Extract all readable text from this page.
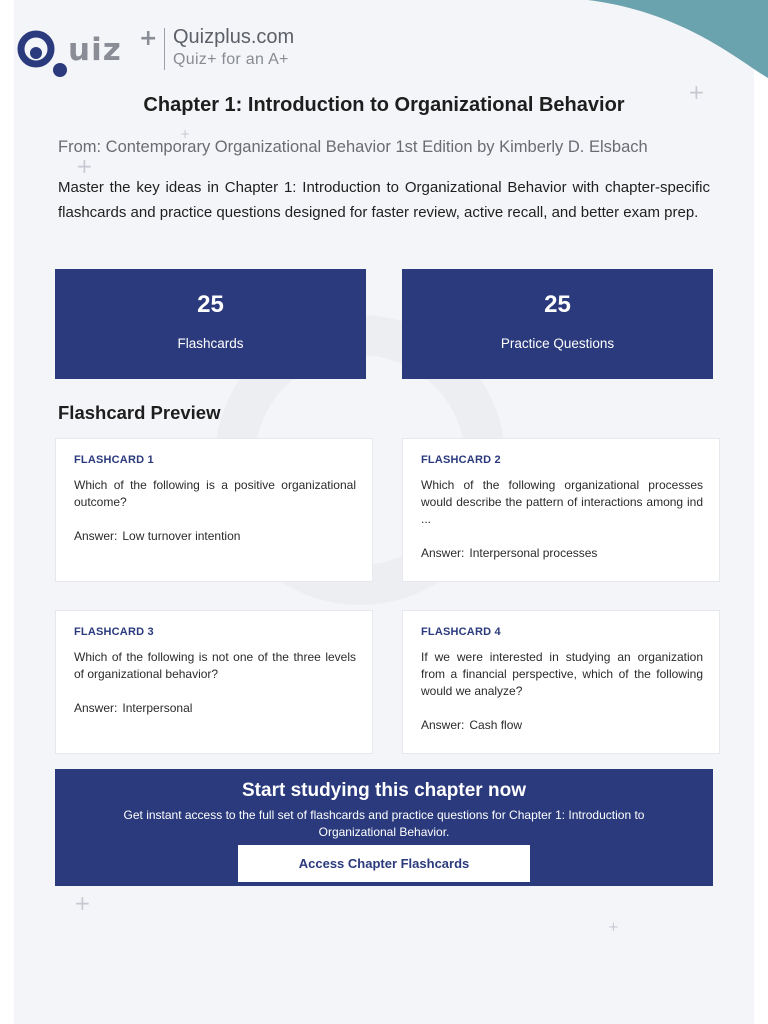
+
+
+
+
+
uiz + Quizplus.com
Quiz+ for an A+
Chapter 1: Introduction to Organizational Behavior
From: Contemporary Organizational Behavior 1st Edition by Kimberly D. Elsbach
Master the key ideas in Chapter 1: Introduction to Organizational Behavior with chapter-specific flashcards and practice questions designed for faster review, active recall, and better exam prep.
25
Flashcards
25
Practice Questions
Flashcard Preview
FLASHCARD 1
Which of the following is a positive organizational outcome?
Answer: Low turnover intention
FLASHCARD 2
Which of the following organizational processes would describe the pattern of interactions among ind ...
Answer: Interpersonal processes
FLASHCARD 3
Which of the following is not one of the three levels of organizational behavior?
Answer: Interpersonal
FLASHCARD 4
If we were interested in studying an organization from a financial perspective, which of the following would we analyze?
Answer: Cash flow
Start studying this chapter now
Get instant access to the full set of flashcards and practice questions for Chapter 1: Introduction to Organizational Behavior.
Access Chapter Flashcards
